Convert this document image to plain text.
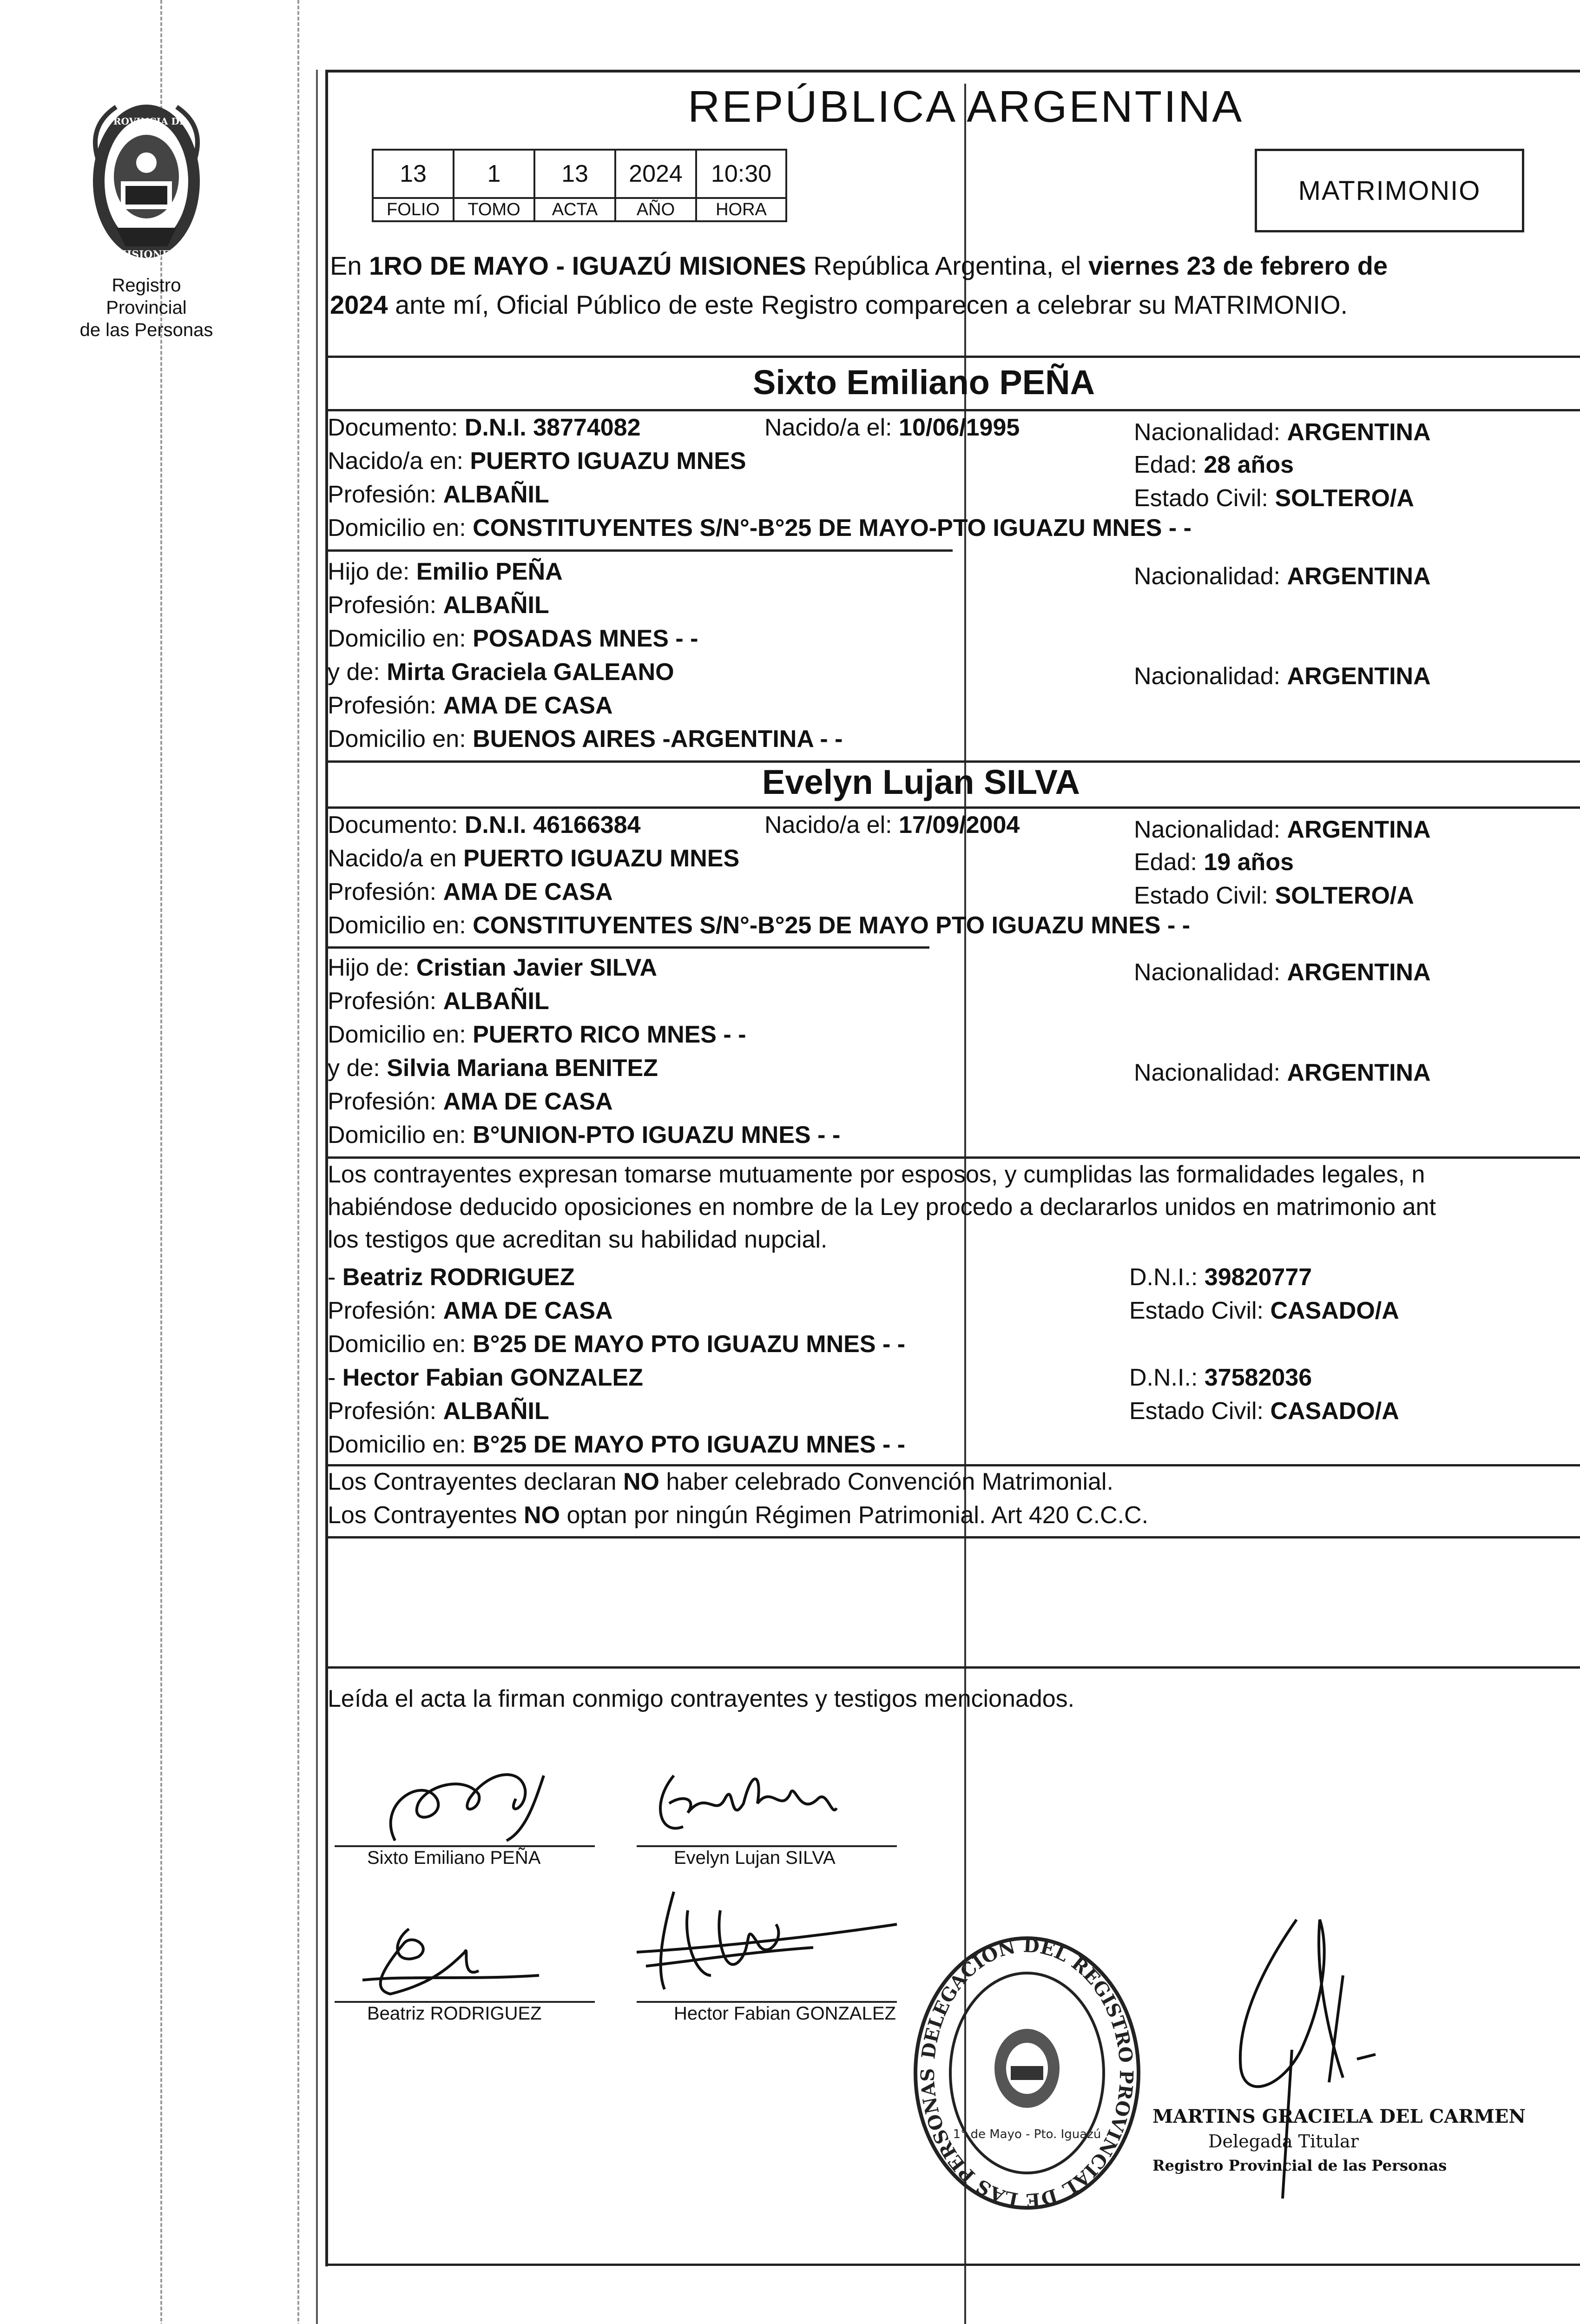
PROVINCIA DE
MISIONES
Registro Provincial
de las Personas
REPÚBLICA ARGENTINA
13	1	13	2024	10:30
FOLIO	TOMO	ACTA	AÑO	HORA
MATRIMONIO
En 1RO DE MAYO - IGUAZÚ MISIONES República Argentina, el viernes 23 de febrero de
2024 ante mí, Oficial Público de este Registro comparecen a celebrar su MATRIMONIO.
Sixto Emiliano PEÑA
Documento: D.N.I. 38774082	Nacido/a el: 10/06/1995	Nacionalidad: ARGENTINA
Nacido/a en: PUERTO IGUAZU MNES	Edad: 28 años
Profesión: ALBAÑIL	Estado Civil: SOLTERO/A
Domicilio en: CONSTITUYENTES S/N°-B°25 DE MAYO-PTO IGUAZU MNES - -
Hijo de: Emilio PEÑA	Nacionalidad: ARGENTINA
Profesión: ALBAÑIL
Domicilio en: POSADAS MNES - -
y de: Mirta Graciela GALEANO	Nacionalidad: ARGENTINA
Profesión: AMA DE CASA
Domicilio en: BUENOS AIRES -ARGENTINA - -
Evelyn Lujan SILVA
Documento: D.N.I. 46166384	Nacido/a el: 17/09/2004	Nacionalidad: ARGENTINA
Nacido/a en PUERTO IGUAZU MNES	Edad: 19 años
Profesión: AMA DE CASA	Estado Civil: SOLTERO/A
Domicilio en: CONSTITUYENTES S/N°-B°25 DE MAYO PTO IGUAZU MNES - -
Hijo de: Cristian Javier SILVA	Nacionalidad: ARGENTINA
Profesión: ALBAÑIL
Domicilio en: PUERTO RICO MNES - -
y de: Silvia Mariana BENITEZ	Nacionalidad: ARGENTINA
Profesión: AMA DE CASA
Domicilio en: B°UNION-PTO IGUAZU MNES - -
Los contrayentes expresan tomarse mutuamente por esposos, y cumplidas las formalidades legales, n
habiéndose deducido oposiciones en nombre de la Ley procedo a declararlos unidos en matrimonio ant
los testigos que acreditan su habilidad nupcial.
- Beatriz RODRIGUEZ	D.N.I.: 39820777
Profesión: AMA DE CASA	Estado Civil: CASADO/A
Domicilio en: B°25 DE MAYO PTO IGUAZU MNES - -
- Hector Fabian GONZALEZ	D.N.I.: 37582036
Profesión: ALBAÑIL	Estado Civil: CASADO/A
Domicilio en: B°25 DE MAYO PTO IGUAZU MNES - -
Los Contrayentes declaran NO haber celebrado Convención Matrimonial.
Los Contrayentes NO optan por ningún Régimen Patrimonial. Art 420 C.C.C.
Leída el acta la firman conmigo contrayentes y testigos mencionados.
Sixto Emiliano PEÑA	Evelyn Lujan SILVA
Beatriz RODRIGUEZ	Hector Fabian GONZALEZ
DELEGACION DEL REGISTRO PROVINCIAL DE LAS PERSONAS
1° de Mayo - Pto. Iguazú
MARTINS GRACIELA DEL CARMEN
Delegada Titular
Registro Provincial de las Personas
